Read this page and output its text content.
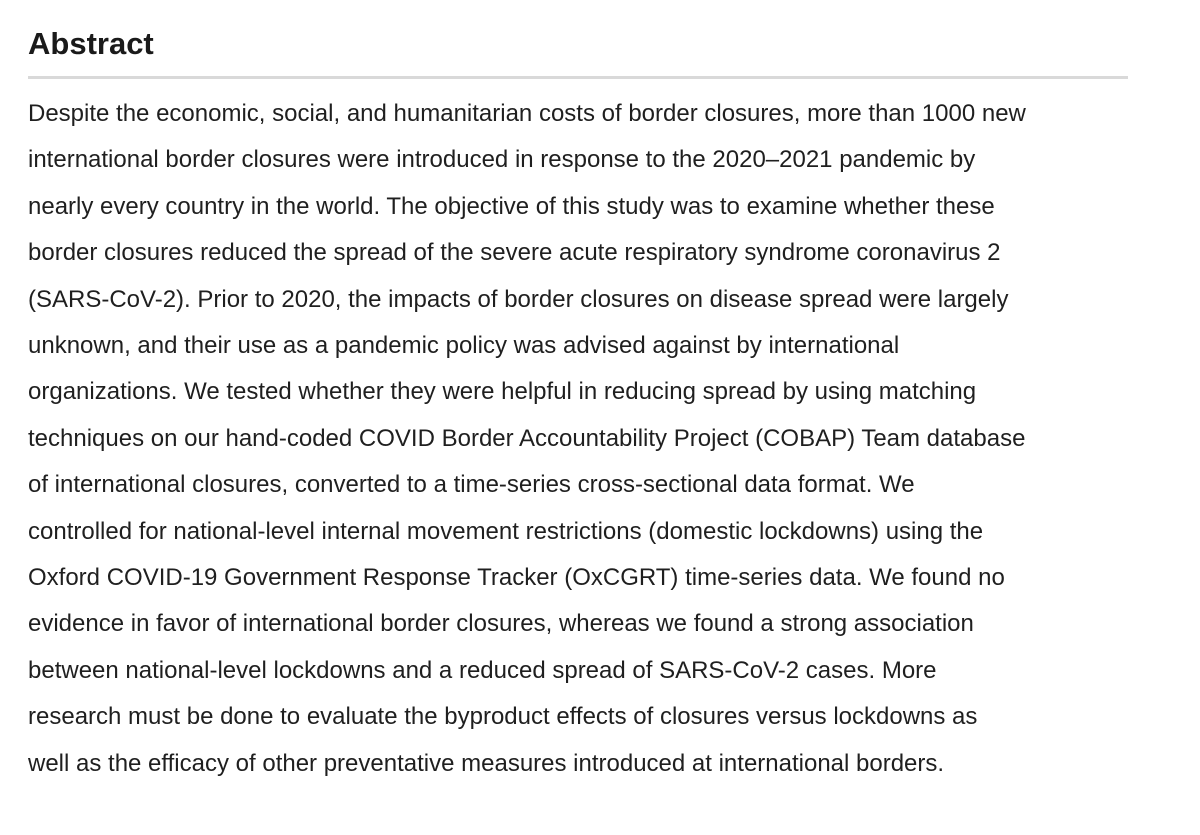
Abstract
Despite the economic, social, and humanitarian costs of border closures, more than 1000 new
international border closures were introduced in response to the 2020–2021 pandemic by
nearly every country in the world. The objective of this study was to examine whether these
border closures reduced the spread of the severe acute respiratory syndrome coronavirus 2
(SARS-CoV-2). Prior to 2020, the impacts of border closures on disease spread were largely
unknown, and their use as a pandemic policy was advised against by international
organizations. We tested whether they were helpful in reducing spread by using matching
techniques on our hand-coded COVID Border Accountability Project (COBAP) Team database
of international closures, converted to a time-series cross-sectional data format. We
controlled for national-level internal movement restrictions (domestic lockdowns) using the
Oxford COVID-19 Government Response Tracker (OxCGRT) time-series data. We found no
evidence in favor of international border closures, whereas we found a strong association
between national-level lockdowns and a reduced spread of SARS-CoV-2 cases. More
research must be done to evaluate the byproduct effects of closures versus lockdowns as
well as the efficacy of other preventative measures introduced at international borders.
